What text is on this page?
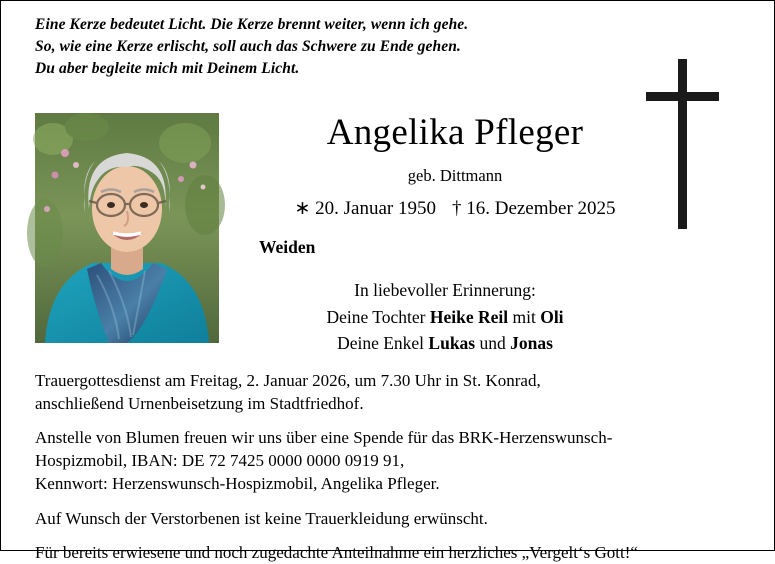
Eine Kerze bedeutet Licht. Die Kerze brennt weiter, wenn ich gehe.
So, wie eine Kerze erlischt, soll auch das Schwere zu Ende gehen.
Du aber begleite mich mit Deinem Licht.
Angelika Pfleger
geb. Dittmann
∗ 20. Januar 1950 † 16. Dezember 2025
Weiden
In liebevoller Erinnerung:
Deine Tochter Heike Reil mit Oli
Deine Enkel Lukas und Jonas

Trauergottesdienst am Freitag, 2. Januar 2026, um 7.30 Uhr in St. Konrad,
anschließend Urnenbeisetzung im Stadtfriedhof.

Anstelle von Blumen freuen wir uns über eine Spende für das BRK-Herzenswunsch-
Hospizmobil, IBAN: DE 72 7425 0000 0000 0919 91,
Kennwort: Herzenswunsch-Hospizmobil, Angelika Pfleger.

Auf Wunsch der Verstorbenen ist keine Trauerkleidung erwünscht.

Für bereits erwiesene und noch zugedachte Anteilnahme ein herzliches „Vergelt‘s Gott!“
